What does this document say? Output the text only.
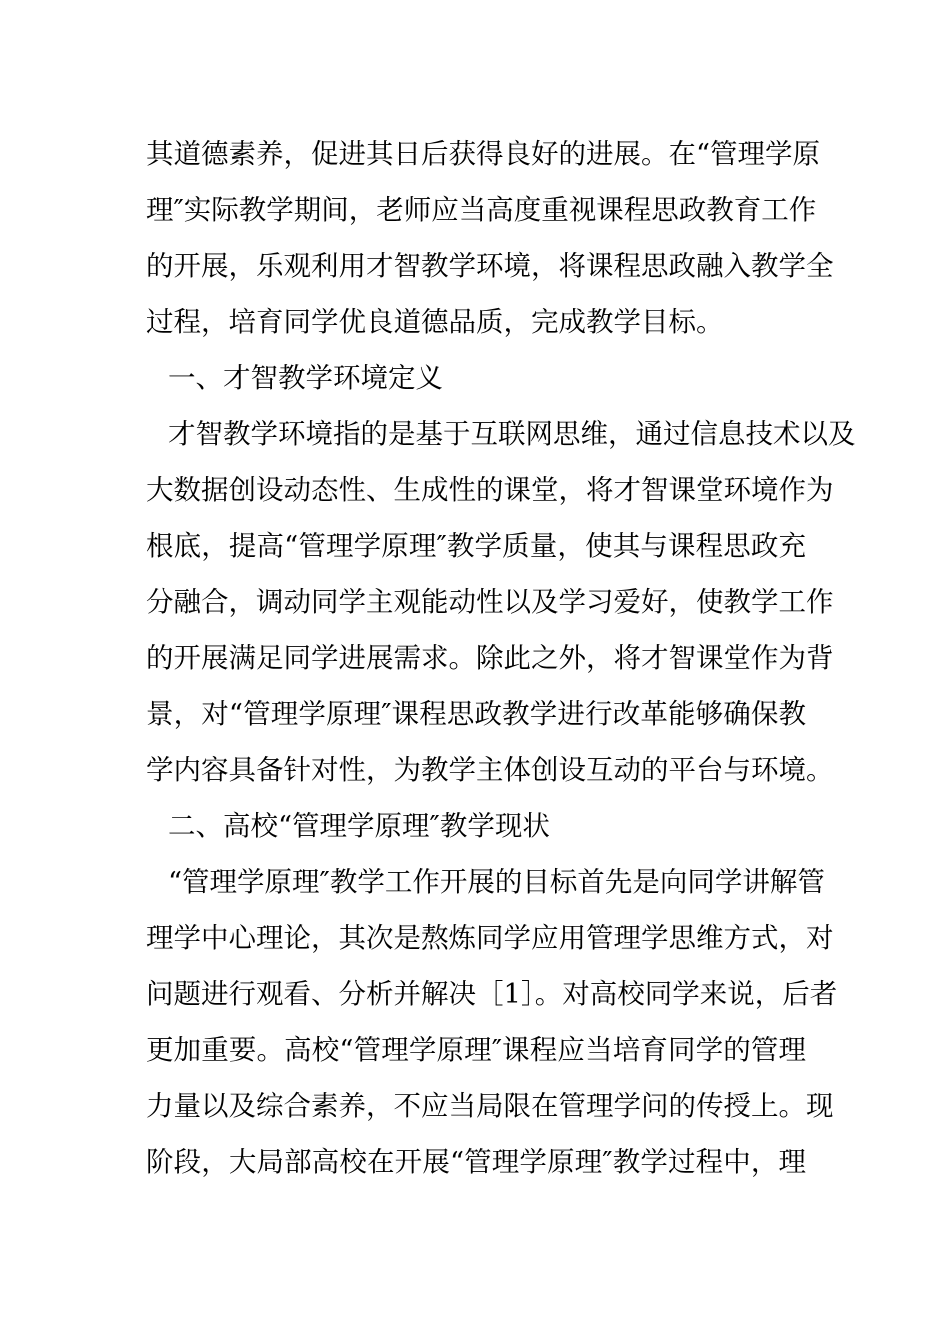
其道德素养，促进其日后获得良好的进展。在“管理学原
理″实际教学期间，老师应当高度重视课程思政教育工作
的开展，乐观利用才智教学环境，将课程思政融入教学全
过程，培育同学优良道德品质，完成教学目标。
一、才智教学环境定义
才智教学环境指的是基于互联网思维，通过信息技术以及
大数据创设动态性、生成性的课堂，将才智课堂环境作为
根底，提高“管理学原理″教学质量，使其与课程思政充
分融合，调动同学主观能动性以及学习爱好，使教学工作
的开展满足同学进展需求。除此之外，将才智课堂作为背
景，对“管理学原理″课程思政教学进行改革能够确保教
学内容具备针对性，为教学主体创设互动的平台与环境。
二、高校“管理学原理″教学现状
“管理学原理″教学工作开展的目标首先是向同学讲解管
理学中心理论，其次是熬炼同学应用管理学思维方式，对
问题进行观看、分析并解决［1］。对高校同学来说，后者
更加重要。高校“管理学原理″课程应当培育同学的管理
力量以及综合素养，不应当局限在管理学问的传授上。现
阶段，大局部高校在开展“管理学原理″教学过程中，理
